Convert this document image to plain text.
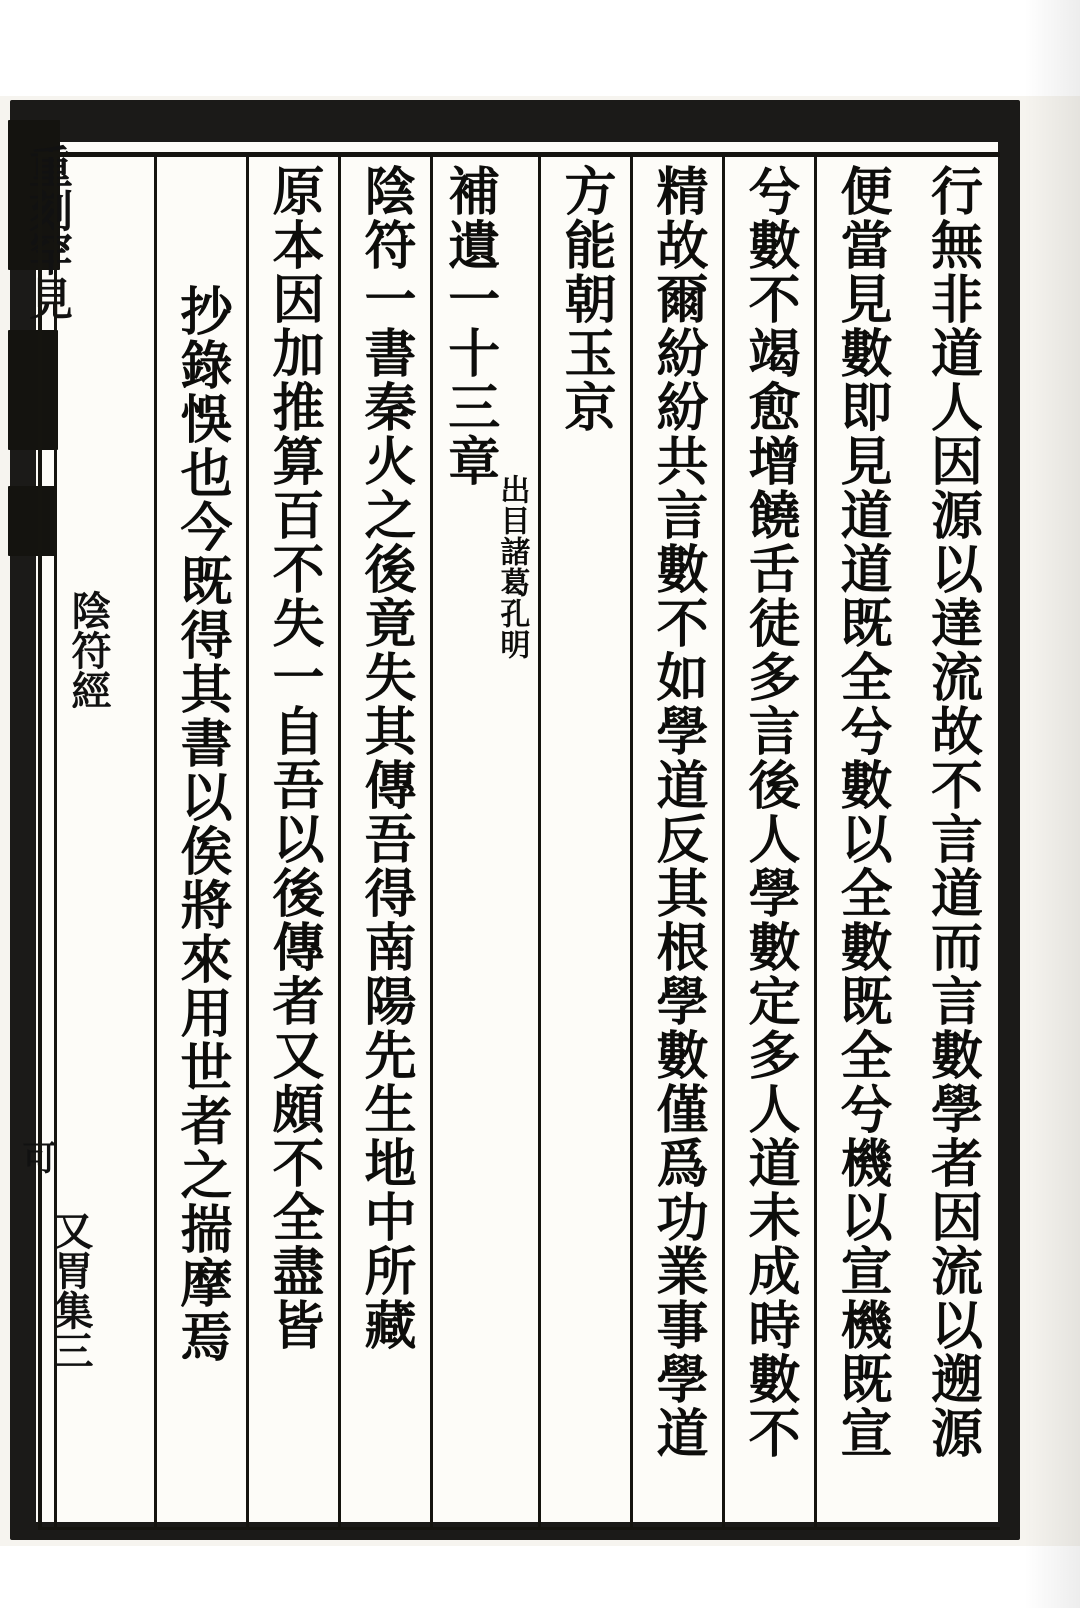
重刻罕見
陰符經
可
又胃集三	行無非道人因源以達流故不言道而言數學者因流以遡源
便當見數即見道道既全兮數以全數既全兮機以宣機既宣
兮數不竭愈增饒舌徒多言後人學數定多人道未成時數不
精故爾紛紛共言數不如學道反其根學數僅爲功業事學道
方能朝玉京
補遺一十三章
出目諸葛孔明
陰符一書秦火之後竟失其傳吾得南陽先生地中所藏
原本因加推算百不失一自吾以後傳者又頗不全盡皆
抄錄悞也今既得其書以俟將來用世者之揣摩焉
